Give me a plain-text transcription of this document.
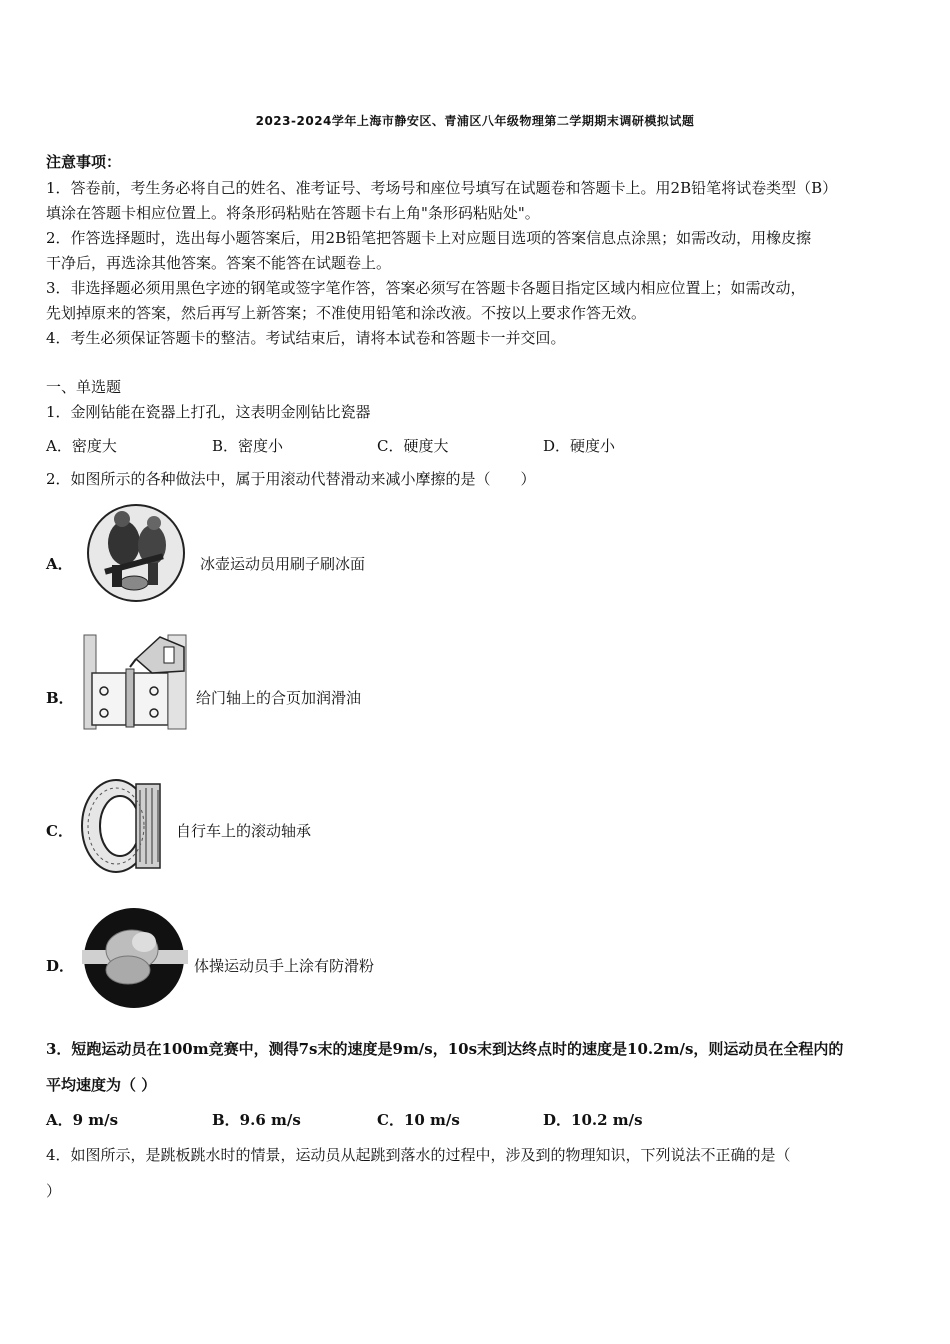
2023-2024学年上海市静安区、青浦区八年级物理第二学期期末调研模拟试题
注意事项：
1．答卷前，考生务必将自己的姓名、准考证号、考场号和座位号填写在试题卷和答题卡上。用2B铅笔将试卷类型（B）
填涂在答题卡相应位置上。将条形码粘贴在答题卡右上角"条形码粘贴处"。
2．作答选择题时，选出每小题答案后，用2B铅笔把答题卡上对应题目选项的答案信息点涂黑；如需改动，用橡皮擦
干净后，再选涂其他答案。答案不能答在试题卷上。
3．非选择题必须用黑色字迹的钢笔或签字笔作答，答案必须写在答题卡各题目指定区域内相应位置上；如需改动，
先划掉原来的答案，然后再写上新答案；不准使用铅笔和涂改液。不按以上要求作答无效。
4．考生必须保证答题卡的整洁。考试结束后，请将本试卷和答题卡一并交回。
一、单选题
1．金刚钻能在瓷器上打孔，这表明金刚钻比瓷器
A．密度大	B．密度小	C．硬度大	D．硬度小
2．如图所示的各种做法中，属于用滚动代替滑动来减小摩擦的是（　　）
A．	冰壶运动员用刷子刷冰面
B．	给门轴上的合页加润滑油
C．	自行车上的滚动轴承
D．	体操运动员手上涂有防滑粉
3．短跑运动员在100m竞赛中，测得7s末的速度是9m/s，10s末到达终点时的速度是10.2m/s，则运动员在全程内的
平均速度为（ ）
A．9 m/s	B．9.6 m/s	C．10 m/s	D．10.2 m/s
4．如图所示，是跳板跳水时的情景，运动员从起跳到落水的过程中，涉及到的物理知识，下列说法不正确的是（
）
